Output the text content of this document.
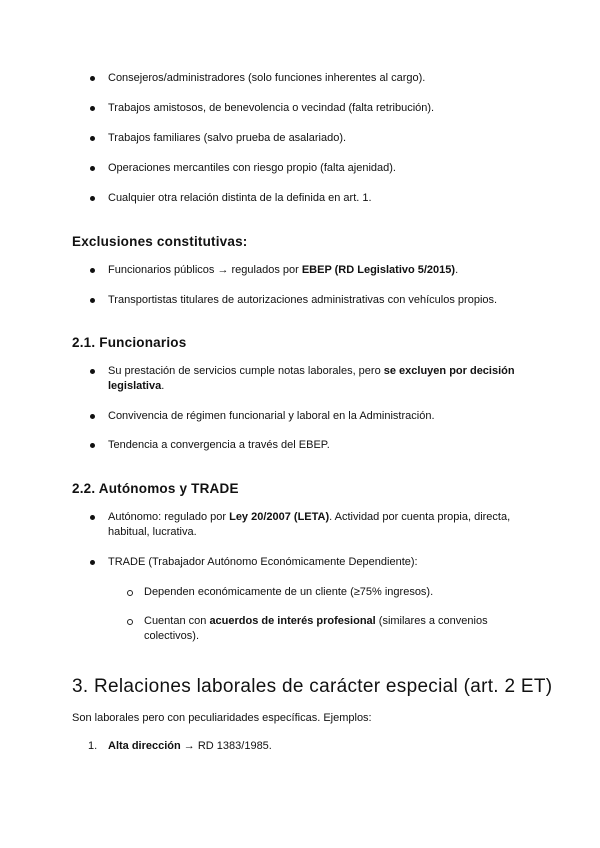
Consejeros/administradores (solo funciones inherentes al cargo).
Trabajos amistosos, de benevolencia o vecindad (falta retribución).
Trabajos familiares (salvo prueba de asalariado).
Operaciones mercantiles con riesgo propio (falta ajenidad).
Cualquier otra relación distinta de la definida en art. 1.
Exclusiones constitutivas:
Funcionarios públicos → regulados por EBEP (RD Legislativo 5/2015).
Transportistas titulares de autorizaciones administrativas con vehículos propios.
2.1. Funcionarios
Su prestación de servicios cumple notas laborales, pero se excluyen por decisión
legislativa.
Convivencia de régimen funcionarial y laboral en la Administración.
Tendencia a convergencia a través del EBEP.
2.2. Autónomos y TRADE
Autónomo: regulado por Ley 20/2007 (LETA). Actividad por cuenta propia, directa,
habitual, lucrativa.
TRADE (Trabajador Autónomo Económicamente Dependiente):
Dependen económicamente de un cliente (≥75% ingresos).
Cuentan con acuerdos de interés profesional (similares a convenios
colectivos).
3. Relaciones laborales de carácter especial (art. 2 ET)
Son laborales pero con peculiaridades específicas. Ejemplos:
1. Alta dirección → RD 1383/1985.
